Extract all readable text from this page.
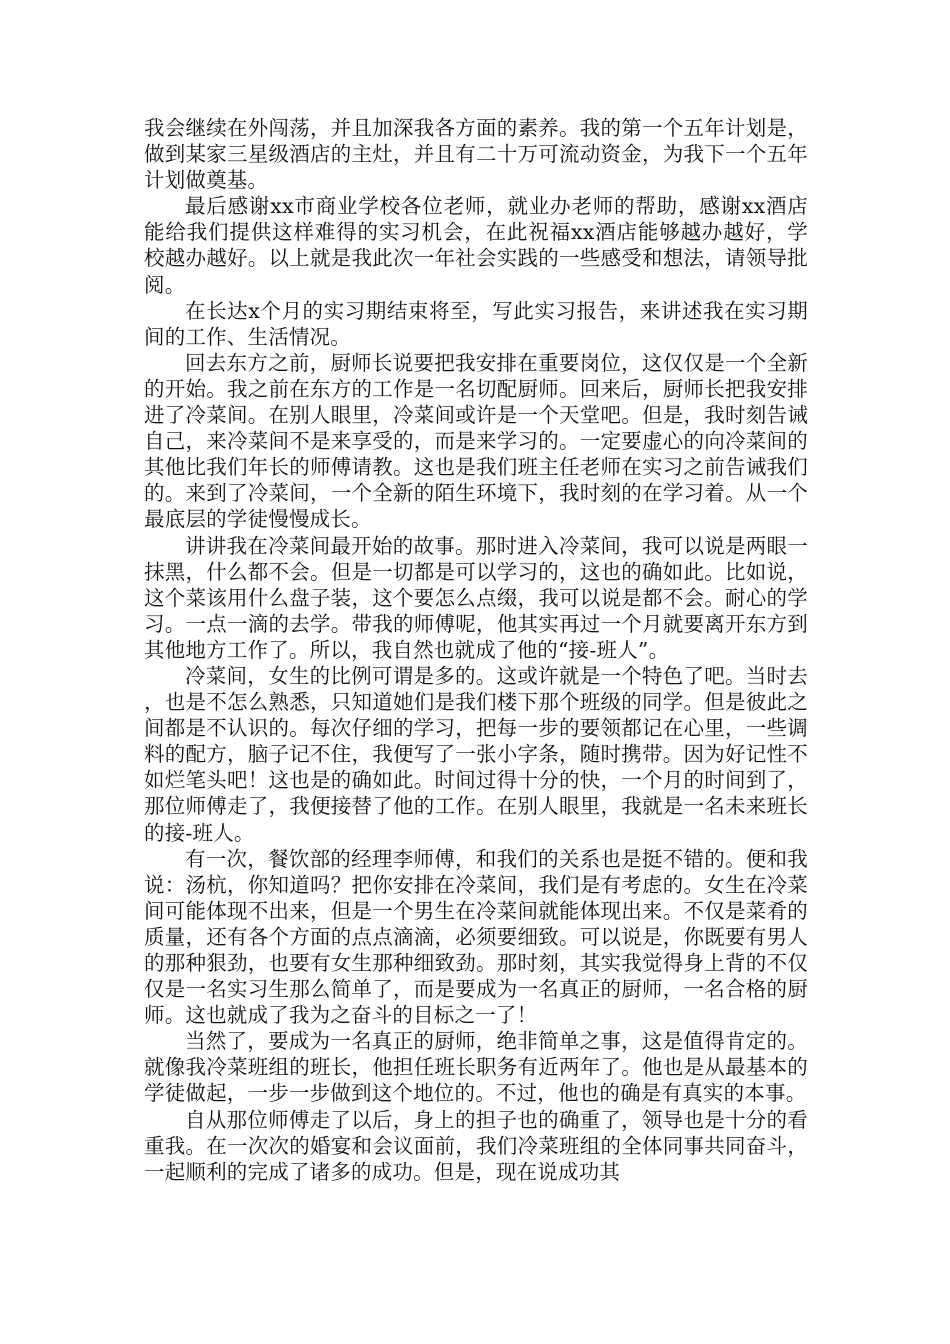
我会继续在外闯荡，并且加深我各方面的素养。我的第一个五年计划是，做到某家三星级酒店的主灶，并且有二十万可流动资金，为我下一个五年计划做奠基。

最后感谢xx市商业学校各位老师，就业办老师的帮助，感谢xx酒店能给我们提供这样难得的实习机会，在此祝福xx酒店能够越办越好，学校越办越好。以上就是我此次一年社会实践的一些感受和想法，请领导批阅。

在长达x个月的实习期结束将至，写此实习报告，来讲述我在实习期间的工作、生活情况。

回去东方之前，厨师长说要把我安排在重要岗位，这仅仅是一个全新的开始。我之前在东方的工作是一名切配厨师。回来后，厨师长把我安排进了冷菜间。在别人眼里，冷菜间或许是一个天堂吧。但是，我时刻告诫自己，来冷菜间不是来享受的，而是来学习的。一定要虚心的向冷菜间的其他比我们年长的师傅请教。这也是我们班主任老师在实习之前告诫我们的。来到了冷菜间，一个全新的陌生环境下，我时刻的在学习着。从一个最底层的学徒慢慢成长。

讲讲我在冷菜间最开始的故事。那时进入冷菜间，我可以说是两眼一抹黑，什么都不会。但是一切都是可以学习的，这也的确如此。比如说，这个菜该用什么盘子装，这个要怎么点缀，我可以说是都不会。耐心的学习。一点一滴的去学。带我的师傅呢，他其实再过一个月就要离开东方到其他地方工作了。所以，我自然也就成了他的“接-班人”。

冷菜间，女生的比例可谓是多的。这或许就是一个特色了吧。当时去，也是不怎么熟悉，只知道她们是我们楼下那个班级的同学。但是彼此之间都是不认识的。每次仔细的学习，把每一步的要领都记在心里，一些调料的配方，脑子记不住，我便写了一张小字条，随时携带。因为好记性不如烂笔头吧！这也是的确如此。时间过得十分的快，一个月的时间到了，那位师傅走了，我便接替了他的工作。在别人眼里，我就是一名未来班长的接-班人。

有一次，餐饮部的经理李师傅，和我们的关系也是挺不错的。便和我说：汤杭，你知道吗？把你安排在冷菜间，我们是有考虑的。女生在冷菜间可能体现不出来，但是一个男生在冷菜间就能体现出来。不仅是菜肴的质量，还有各个方面的点点滴滴，必须要细致。可以说是，你既要有男人的那种狠劲，也要有女生那种细致劲。那时刻，其实我觉得身上背的不仅仅是一名实习生那么简单了，而是要成为一名真正的厨师，一名合格的厨师。这也就成了我为之奋斗的目标之一了！

当然了，要成为一名真正的厨师，绝非简单之事，这是值得肯定的。就像我冷菜班组的班长，他担任班长职务有近两年了。他也是从最基本的学徒做起，一步一步做到这个地位的。不过，他也的确是有真实的本事。

自从那位师傅走了以后，身上的担子也的确重了，领导也是十分的看重我。在一次次的婚宴和会议面前，我们冷菜班组的全体同事共同奋斗，一起顺利的完成了诸多的成功。但是，现在说成功其
